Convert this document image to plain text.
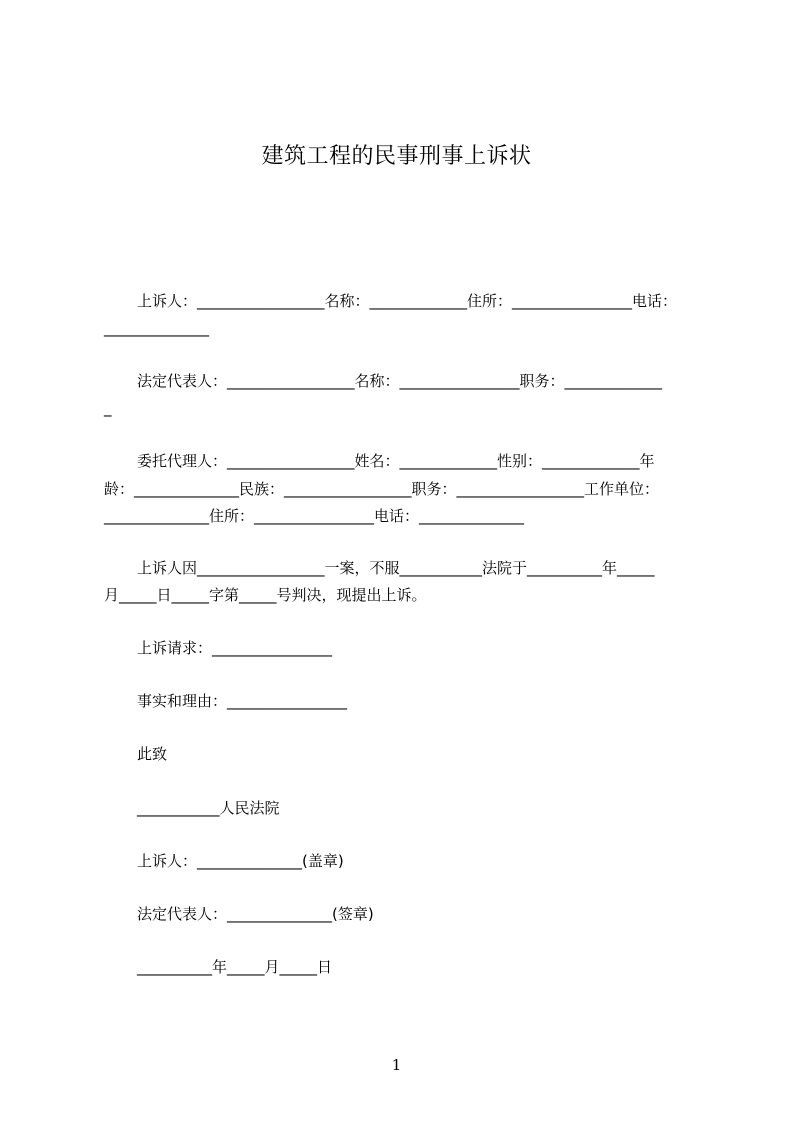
建筑工程的民事刑事上诉状
上诉人：_________________名称：_____________住所：________________电话：
______________
法定代表人：_________________名称：________________职务：_____________
_
委托代理人：_________________姓名：_____________性别：_____________年
龄：______________民族：_________________职务：_________________工作单位：
______________住所：________________电话：______________
上诉人因_________________一案，不服___________法院于__________年_____
月_____日_____字第_____号判决，现提出上诉。
上诉请求：________________
事实和理由：________________
此致
___________人民法院
上诉人：______________(盖章)
法定代表人：______________(签章)
__________年_____月_____日
1
